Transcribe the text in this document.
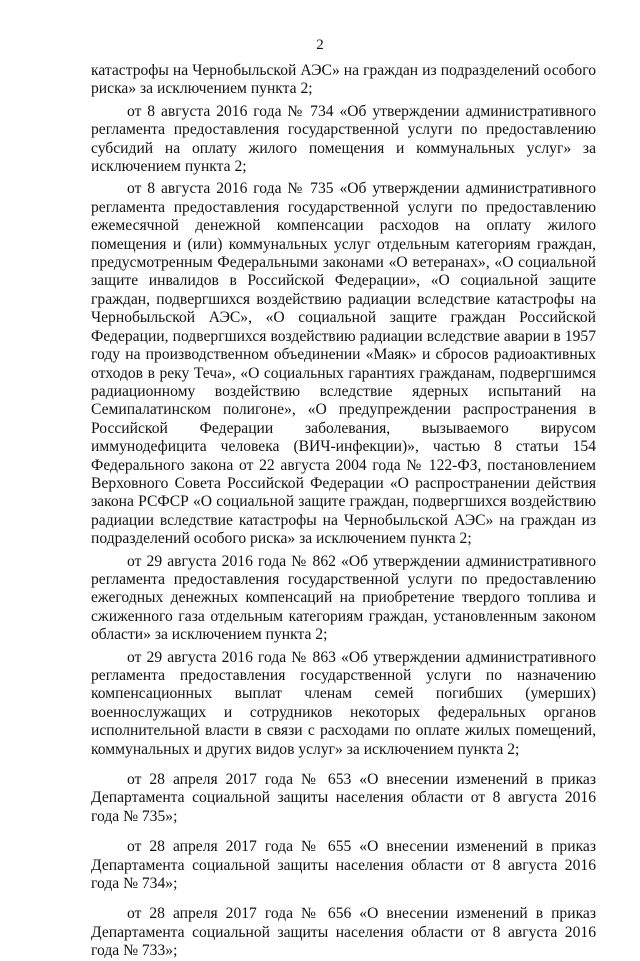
2

катастрофы на Чернобыльской АЭС» на граждан из подразделений особого риска» за исключением пункта 2;

от 8 августа 2016 года № 734 «Об утверждении административного регламента предоставления государственной услуги по предоставлению субсидий на оплату жилого помещения и коммунальных услуг» за исключением пункта 2;

от 8 августа 2016 года № 735 «Об утверждении административного регламента предоставления государственной услуги по предоставлению ежемесячной денежной компенсации расходов на оплату жилого помещения и (или) коммунальных услуг отдельным категориям граждан, предусмотренным Федеральными законами «О ветеранах», «О социальной защите инвалидов в Российской Федерации», «О социальной защите граждан, подвергшихся воздействию радиации вследствие катастрофы на Чернобыльской АЭС», «О социальной защите граждан Российской Федерации, подвергшихся воздействию радиации вследствие аварии в 1957 году на производственном объединении «Маяк» и сбросов радиоактивных отходов в реку Теча», «О социальных гарантиях гражданам, подвергшимся радиационному воздействию вследствие ядерных испытаний на Семипалатинском полигоне», «О предупреждении распространения в Российской Федерации заболевания, вызываемого вирусом иммунодефицита человека (ВИЧ-инфекции)», частью 8 статьи 154 Федерального закона от 22 августа 2004 года № 122-ФЗ, постановлением Верховного Совета Российской Федерации «О распространении действия закона РСФСР «О социальной защите граждан, подвергшихся воздействию радиации вследствие катастрофы на Чернобыльской АЭС» на граждан из подразделений особого риска» за исключением пункта 2;

от 29 августа 2016 года № 862 «Об утверждении административного регламента предоставления государственной услуги по предоставлению ежегодных денежных компенсаций на приобретение твердого топлива и сжиженного газа отдельным категориям граждан, установленным законом области» за исключением пункта 2;

от 29 августа 2016 года № 863 «Об утверждении административного регламента предоставления государственной услуги по назначению компенсационных выплат членам семей погибших (умерших) военнослужащих и сотрудников некоторых федеральных органов исполнительной власти в связи с расходами по оплате жилых помещений, коммунальных и других видов услуг» за исключением пункта 2;

от 28 апреля 2017 года № 653 «О внесении изменений в приказ Департамента социальной защиты населения области от 8 августа 2016 года № 735»;

от 28 апреля 2017 года № 655 «О внесении изменений в приказ Департамента социальной защиты населения области от 8 августа 2016 года № 734»;

от 28 апреля 2017 года № 656 «О внесении изменений в приказ Департамента социальной защиты населения области от 8 августа 2016 года № 733»;
